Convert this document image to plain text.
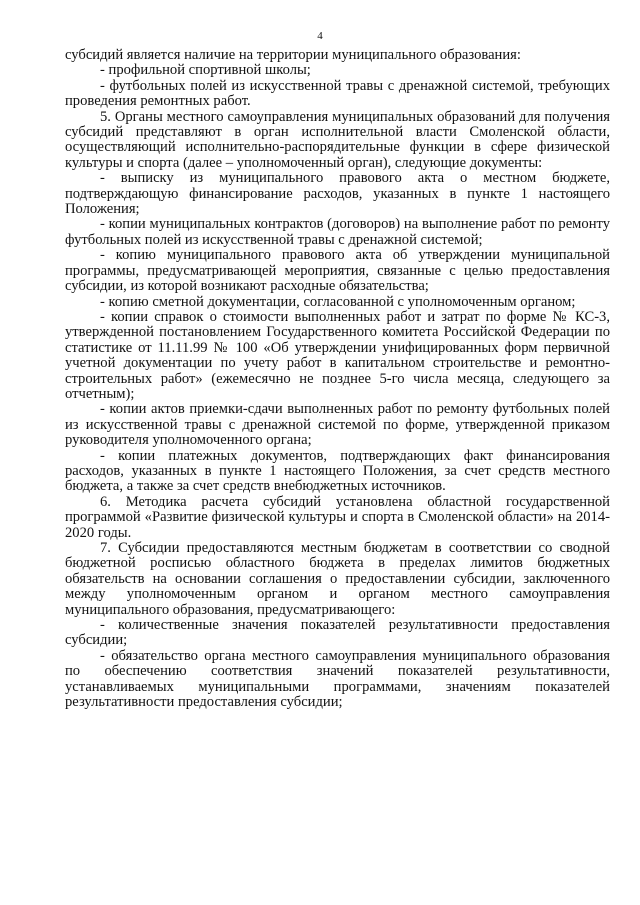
4

субсидий является наличие на территории муниципального образования:

- профильной спортивной школы;

- футбольных полей из искусственной травы с дренажной системой, требующих проведения ремонтных работ.

5. Органы местного самоуправления муниципальных образований для получения субсидий представляют в орган исполнительной власти Смоленской области, осуществляющий исполнительно-распорядительные функции в сфере физической культуры и спорта (далее – уполномоченный орган), следующие документы:

- выписку из муниципального правового акта о местном бюджете, подтверждающую финансирование расходов, указанных в пункте 1 настоящего Положения;

- копии муниципальных контрактов (договоров) на выполнение работ по ремонту футбольных полей из искусственной травы с дренажной системой;

- копию муниципального правового акта об утверждении муниципальной программы, предусматривающей мероприятия, связанные с целью предоставления субсидии, из которой возникают расходные обязательства;

- копию сметной документации, согласованной с уполномоченным органом;

- копии справок о стоимости выполненных работ и затрат по форме № КС-3, утвержденной постановлением Государственного комитета Российской Федерации по статистике от 11.11.99 № 100 «Об утверждении унифицированных форм первичной учетной документации по учету работ в капитальном строительстве и ремонтно-строительных работ» (ежемесячно не позднее 5-го числа месяца, следующего за отчетным);

- копии актов приемки-сдачи выполненных работ по ремонту футбольных полей из искусственной травы с дренажной системой по форме, утвержденной приказом руководителя уполномоченного органа;

- копии платежных документов, подтверждающих факт финансирования расходов, указанных в пункте 1 настоящего Положения, за счет средств местного бюджета, а также за счет средств внебюджетных источников.

6. Методика расчета субсидий установлена областной государственной программой «Развитие физической культуры и спорта в Смоленской области» на 2014-2020 годы.

7. Субсидии предоставляются местным бюджетам в соответствии со сводной бюджетной росписью областного бюджета в пределах лимитов бюджетных обязательств на основании соглашения о предоставлении субсидии, заключенного между уполномоченным органом и органом местного самоуправления муниципального образования, предусматривающего:

- количественные значения показателей результативности предоставления субсидии;

- обязательство органа местного самоуправления муниципального образования по обеспечению соответствия значений показателей результативности, устанавливаемых муниципальными программами, значениям показателей результативности предоставления субсидии;
